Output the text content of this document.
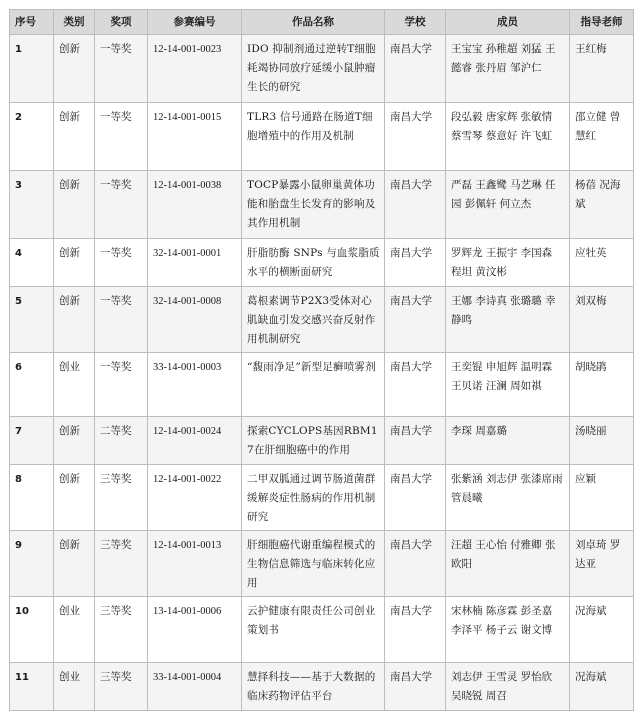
序号	类别	奖项	参赛编号	作品名称	学校	成员	指导老师
1	创新	一等奖	12-14-001-0023	IDO 抑制剂通过逆转T细胞耗竭协同放疗延缓小鼠肿瘤生长的研究	南昌大学	王宝宝 孙稚超 刘猛 王懿睿 张丹眉 邹沪仁	王红梅
2	创新	一等奖	12-14-001-0015	TLR3 信号通路在肠道T细胞增殖中的作用及机制	南昌大学	段弘毅 唐家辉 张敏情 蔡雪琴 蔡意好 许飞虹	邵立健 曾慧红
3	创新	一等奖	12-14-001-0038	TOCP暴露小鼠卵巢黄体功能和胎盘生长发育的影响及其作用机制	南昌大学	严磊 王鑫鹭 马艺琳 任园 彭佩轩 何立杰	杨蓓 况海斌
4	创新	一等奖	32-14-001-0001	肝脂肪酶 SNPs 与血浆脂质水平的横断面研究	南昌大学	罗辉龙 王振宇 李国森 程坦 黄汶彬	应牡英
5	创新	一等奖	32-14-001-0008	葛根素调节P2X3受体对心肌缺血引发交感兴奋反射作用机制研究	南昌大学	王娜 李诗真 张璐璐 幸静鸣	刘双梅
6	创业	一等奖	33-14-001-0003	“馥雨净足”新型足癣喷雾剂	南昌大学	王奕锟 申旭辉 温明霖 王贝诺 汪澜 周如祺	胡晓鹃
7	创新	二等奖	12-14-001-0024	探索CYCLOPS基因RBM17在肝细胞癌中的作用	南昌大学	李琛 周嘉璐	汤晓丽
8	创新	三等奖	12-14-001-0022	二甲双胍通过调节肠道菌群缓解炎症性肠病的作用机制研究	南昌大学	张紫涵 刘志伊 张漆席雨 管晨曦	应颖
9	创新	三等奖	12-14-001-0013	肝细胞癌代谢重编程模式的生物信息筛选与临床转化应用	南昌大学	汪超 王心怡 付雅卿 张欧阳	刘卓琦 罗达亚
10	创业	三等奖	13-14-001-0006	云护健康有限责任公司创业策划书	南昌大学	宋林楠 陈彦霖 彭圣嘉 李泽平 杨子云 谢文博	况海斌
11	创业	三等奖	33-14-001-0004	慧择科技——基于大数据的临床药物评估平台	南昌大学	刘志伊 王雪灵 罗怡欣 吴晓锐 周召	况海斌
